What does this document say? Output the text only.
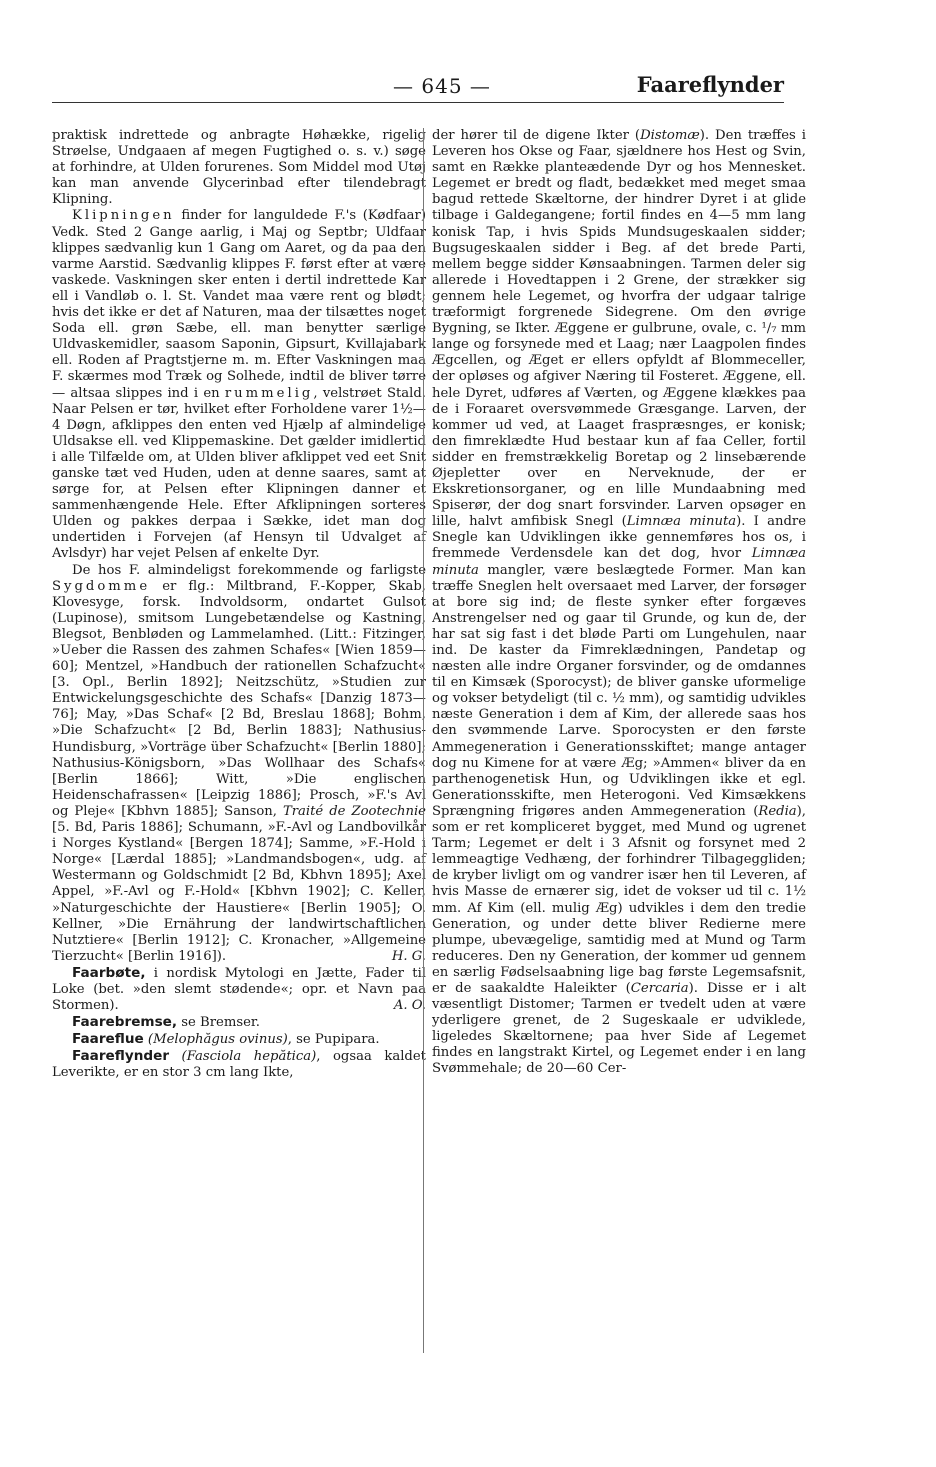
— 645 —	Faareflynder

praktisk indrettede og anbragte Høhække, rigelig Strøelse, Undgaaen af megen Fugtighed o. s. v.) søge at forhindre, at Ulden forurenes. Som Middel mod Utøj kan man anvende Glycerinbad efter tilendebragt Klipning.

Klipningen finder for languldede F.'s (Kødfaar) Vedk. Sted 2 Gange aarlig, i Maj og Septbr; Uldfaar klippes sædvanlig kun 1 Gang om Aaret, og da paa den varme Aarstid. Sædvanlig klippes F. først efter at være vaskede. Vaskningen sker enten i dertil indrettede Kar ell i Vandløb o. l. St. Vandet maa være rent og blødt; hvis det ikke er det af Naturen, maa der tilsættes noget Soda ell. grøn Sæbe, ell. man benytter særlige Uldvaskemidler, saasom Saponin, Gipsurt, Kvillajabark ell. Roden af Pragtstjerne m. m. Efter Vaskningen maa F. skærmes mod Træk og Solhede, indtil de bliver tørre — altsaa slippes ind i en rummelig, velstrøet Stald. Naar Pelsen er tør, hvilket efter Forholdene varer 1½—4 Døgn, afklippes den enten ved Hjælp af almindelige Uldsakse ell. ved Klippemaskine. Det gælder imidlertid i alle Tilfælde om, at Ulden bliver afklippet ved eet Snit ganske tæt ved Huden, uden at denne saares, samt at sørge for, at Pelsen efter Klipningen danner et sammenhængende Hele. Efter Afklipningen sorteres Ulden og pakkes derpaa i Sække, idet man dog undertiden i Forvejen (af Hensyn til Udvalget af Avlsdyr) har vejet Pelsen af enkelte Dyr.

De hos F. almindeligst forekommende og farligste Sygdomme er flg.: Miltbrand, F.-Kopper, Skab, Klovesyge, forsk. Indvoldsorm, ondartet Gulsot (Lupinose), smitsom Lungebetændelse og Kastning, Blegsot, Benbløden og Lammelamhed. (Litt.: Fitzinger, »Ueber die Rassen des zahmen Schafes« [Wien 1859—60]; Mentzel, »Handbuch der rationellen Schafzucht« [3. Opl., Berlin 1892]; Neitzschütz, »Studien zur Entwickelungsgeschichte des Schafs« [Danzig 1873—76]; May, »Das Schaf« [2 Bd, Breslau 1868]; Bohm, »Die Schafzucht« [2 Bd, Berlin 1883]; Nathusius-Hundisburg, »Vorträge über Schafzucht« [Berlin 1880]; Nathusius-Königsborn, »Das Wollhaar des Schafs« [Berlin 1866]; Witt, »Die englischen Heidenschafrassen« [Leipzig 1886]; Prosch, »F.'s Avl og Pleje« [Kbhvn 1885]; Sanson, Traité de Zootechnie [5. Bd, Paris 1886]; Schumann, »F.-Avl og Landbovilkår i Norges Kystland« [Bergen 1874]; Samme, »F.-Hold i Norge« [Lærdal 1885]; »Landmandsbogen«, udg. af Westermann og Goldschmidt [2 Bd, Kbhvn 1895]; Axel Appel, »F.-Avl og F.-Hold« [Kbhvn 1902]; C. Keller, »Naturgeschichte der Haustiere« [Berlin 1905]; O. Kellner, »Die Ernährung der landwirtschaftlichen Nutztiere« [Berlin 1912]; C. Kronacher, »Allgemeine Tierzucht« [Berlin 1916]).	H. G.

Faarbøte, i nordisk Mytologi en Jætte, Fader til Loke (bet. »den slemt stødende«; opr. et Navn paa Stormen).	A. O.

Faarebremse, se Bremser.

Faareflue (Melophăgus ovinus), se Pupipara.

Faareflynder (Fasciola hepătica), ogsaa kaldet Leverikte, er en stor 3 cm lang Ikte,

der hører til de digene Ikter (Distomæ). Den træffes i Leveren hos Okse og Faar, sjældnere hos Hest og Svin, samt en Række planteædende Dyr og hos Mennesket. Legemet er bredt og fladt, bedækket med meget smaa bagud rettede Skæltorne, der hindrer Dyret i at glide tilbage i Galdegangene; fortil findes en 4—5 mm lang konisk Tap, i hvis Spids Mundsugeskaalen sidder; Bugsugeskaalen sidder i Beg. af det brede Parti, mellem begge sidder Kønsaabningen. Tarmen deler sig allerede i Hovedtappen i 2 Grene, der strækker sig gennem hele Legemet, og hvorfra der udgaar talrige træformigt forgrenede Sidegrene. Om den øvrige Bygning, se Ikter. Æggene er gulbrune, ovale, c. ¹/₇ mm lange og forsynede med et Laag; nær Laagpolen findes Ægcellen, og Æget er ellers opfyldt af Blommeceller, der opløses og afgiver Næring til Fosteret. Æggene, ell. hele Dyret, udføres af Værten, og Æggene klækkes paa de i Foraaret oversvømmede Græsgange. Larven, der kommer ud ved, at Laaget fraspræsnges, er konisk; den fimreklædte Hud bestaar kun af faa Celler, fortil sidder en fremstrækkelig Boretap og 2 linsebærende Øjepletter over en Nerveknude, der er Ekskretionsorganer, og en lille Mundaabning med Spiserør, der dog snart forsvinder. Larven opsøger en lille, halvt amfibisk Snegl (Limnæa minuta). I andre Snegle kan Udviklingen ikke gennemføres hos os, i fremmede Verdensdele kan det dog, hvor Limnæa minuta mangler, være beslægtede Former. Man kan træffe Sneglen helt oversaaet med Larver, der forsøger at bore sig ind; de fleste synker efter forgæves Anstrengelser ned og gaar til Grunde, og kun de, der har sat sig fast i det bløde Parti om Lungehulen, naar ind. De kaster da Fimreklædningen, Pandetap og næsten alle indre Organer forsvinder, og de omdannes til en Kimsæk (Sporocyst); de bliver ganske uformelige og vokser betydeligt (til c. ½ mm), og samtidig udvikles næste Generation i dem af Kim, der allerede saas hos den svømmende Larve. Sporocysten er den første Ammegeneration i Generationsskiftet; mange antager dog nu Kimene for at være Æg; »Ammen« bliver da en parthenogenetisk Hun, og Udviklingen ikke et egl. Generationsskifte, men Heterogoni. Ved Kimsækkens Sprængning frigøres anden Ammegeneration (Redia), som er ret kompliceret bygget, med Mund og ugrenet Tarm; Legemet er delt i 3 Afsnit og forsynet med 2 lemmeagtige Vedhæng, der forhindrer Tilbageggliden; de kryber livligt om og vandrer især hen til Leveren, af hvis Masse de ernærer sig, idet de vokser ud til c. 1½ mm. Af Kim (ell. mulig Æg) udvikles i dem den tredie Generation, og under dette bliver Redierne mere plumpe, ubevægelige, samtidig med at Mund og Tarm reduceres. Den ny Generation, der kommer ud gennem en særlig Fødselsaabning lige bag første Legemsafsnit, er de saakaldte Haleikter (Cercaria). Disse er i alt væsentligt Distomer; Tarmen er tvedelt uden at være yderligere grenet, de 2 Sugeskaale er udviklede, ligeledes Skæltornene; paa hver Side af Legemet findes en langstrakt Kirtel, og Legemet ender i en lang Svømmehale; de 20—60 Cer-
